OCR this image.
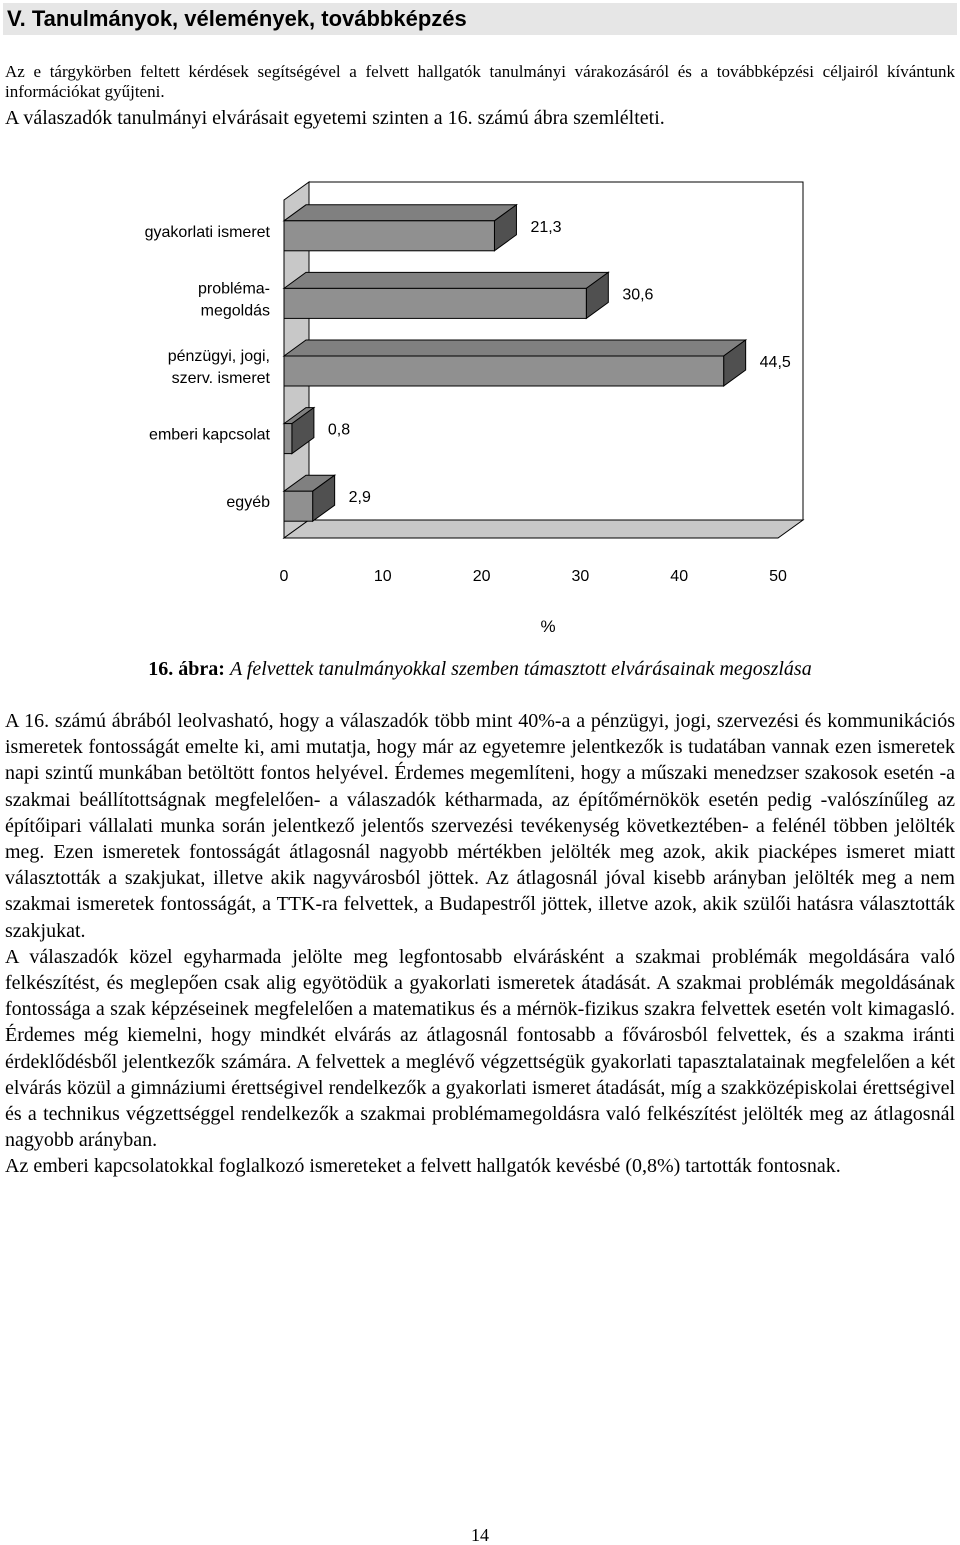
V. Tanulmányok, vélemények, továbbképzés
Az e tárgykörben feltett kérdések segítségével a felvett hallgatók tanulmányi várakozásáról és a továbbképzési céljairól kívántunk információkat gyűjteni.
A válaszadók tanulmányi elvárásait egyetemi szinten a 16. számú ábra szemlélteti.
21,3
gyakorlati ismeret
30,6
probléma-
megoldás
44,5
pénzügyi, jogi,
szerv. ismeret
0,8
emberi kapcsolat
2,9
egyéb
0	10	20	30	40	50
%
16. ábra: A felvettek tanulmányokkal szemben támasztott elvárásainak megoszlása

A 16. számú ábrából leolvasható, hogy a válaszadók több mint 40%-a a pénzügyi, jogi, szervezési és kommunikációs ismeretek fontosságát emelte ki, ami mutatja, hogy már az egyetemre jelentkezők is tudatában vannak ezen ismeretek napi szintű munkában betöltött fontos helyével. Érdemes megemlíteni, hogy a műszaki menedzser szakosok esetén -a szakmai beállítottságnak megfelelően- a válaszadók kétharmada, az építőmérnökök esetén pedig -valószínűleg az építőipari vállalati munka során jelentkező jelentős szervezési tevékenység következtében- a felénél többen jelölték meg. Ezen ismeretek fontosságát átlagosnál nagyobb mértékben jelölték meg azok, akik piacképes ismeret miatt választották a szakjukat, illetve akik nagyvárosból jöttek. Az átlagosnál jóval kisebb arányban jelölték meg a nem szakmai ismeretek fontosságát, a TTK-ra felvettek, a Budapestről jöttek, illetve azok, akik szülői hatásra választották szakjukat.

A válaszadók közel egyharmada jelölte meg legfontosabb elvárásként a szakmai problémák megoldására való felkészítést, és meglepően csak alig egyötödük a gyakorlati ismeretek átadását. A szakmai problémák megoldásának fontossága a szak képzéseinek megfelelően a matematikus és a mérnök-fizikus szakra felvettek esetén volt kimagasló. Érdemes még kiemelni, hogy mindkét elvárás az átlagosnál fontosabb a fővárosból felvettek, és a szakma iránti érdeklődésből jelentkezők számára. A felvettek a meglévő végzettségük gyakorlati tapasztalatainak megfelelően a két elvárás közül a gimnáziumi érettségivel rendelkezők a gyakorlati ismeret átadását, míg a szakközépiskolai érettségivel és a technikus végzettséggel rendelkezők a szakmai problémamegoldásra való felkészítést jelölték meg az átlagosnál nagyobb arányban.

Az emberi kapcsolatokkal foglalkozó ismereteket a felvett hallgatók kevésbé (0,8%) tartották fontosnak.

14
